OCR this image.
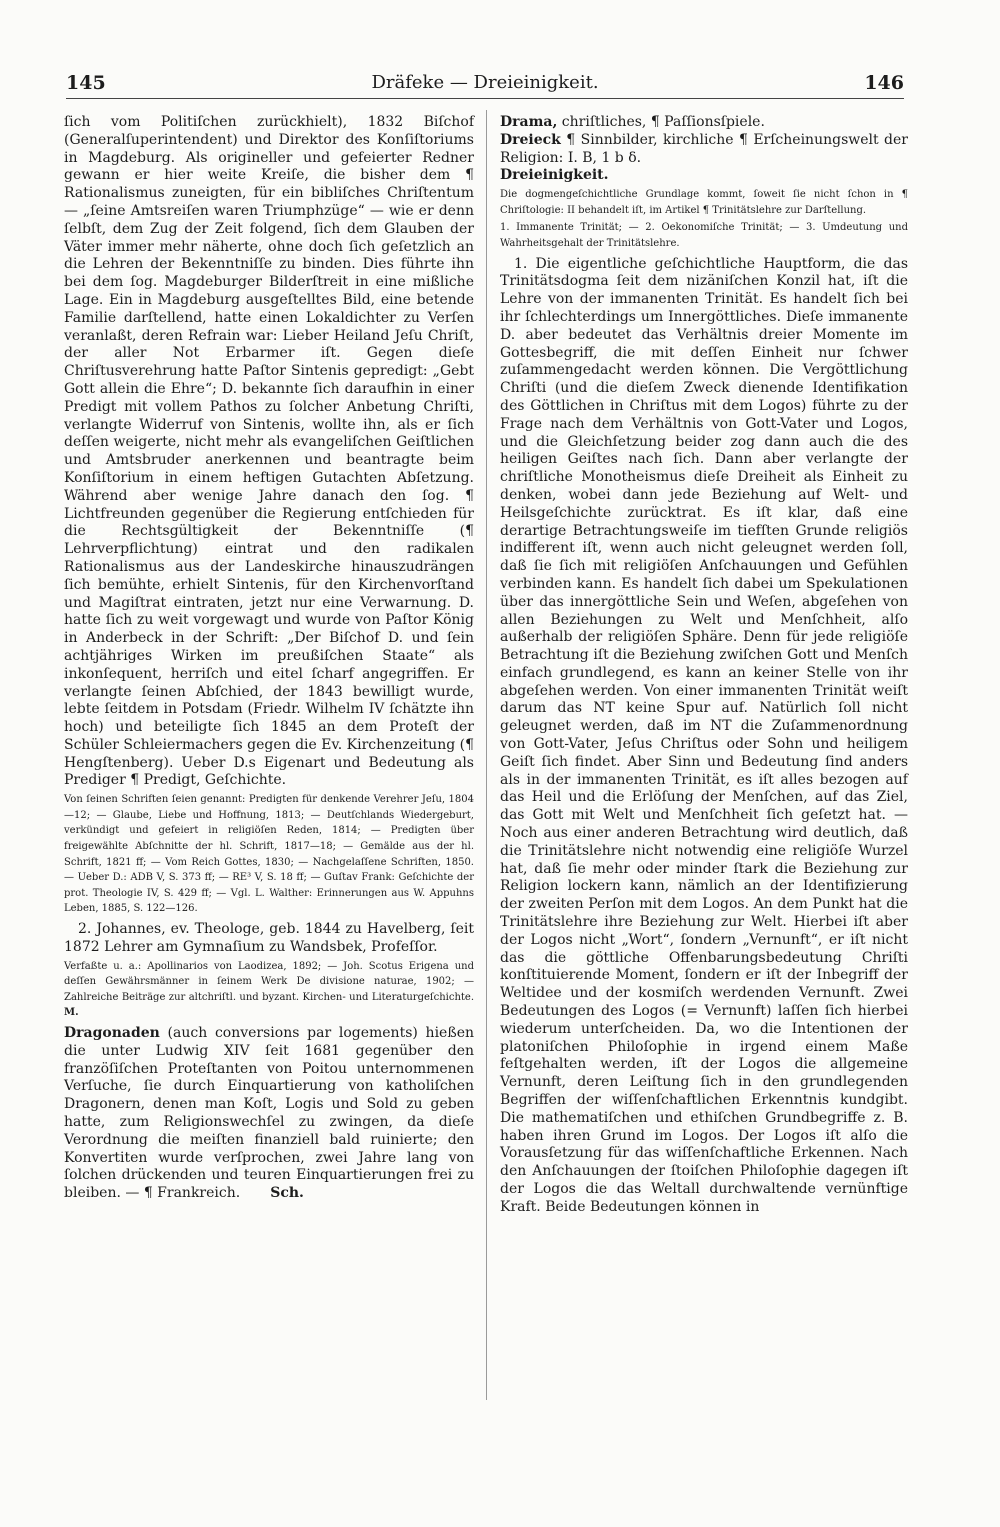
145	Dräfeke — Dreieinigkeit.	146

ſich vom Politiſchen zurückhielt), 1832 Biſchof (Generalſuperintendent) und Direktor des Konſiſtoriums in Magdeburg. Als origineller und gefeierter Redner gewann er hier weite Kreiſe, die bisher dem ¶ Rationalismus zuneigten, für ein bibliſches Chriſtentum — „ſeine Amtsreiſen waren Triumphzüge“ — wie er denn ſelbſt, dem Zug der Zeit folgend, ſich dem Glauben der Väter immer mehr näherte, ohne doch ſich geſetzlich an die Lehren der Bekenntniſſe zu binden. Dies führte ihn bei dem ſog. Magdeburger Bilderſtreit in eine mißliche Lage. Ein in Magdeburg ausgeſtelltes Bild, eine betende Familie darſtellend, hatte einen Lokaldichter zu Verſen veranlaßt, deren Refrain war: Lieber Heiland Jeſu Chriſt, der aller Not Erbarmer iſt. Gegen dieſe Chriſtusverehrung hatte Paſtor Sintenis gepredigt: „Gebt Gott allein die Ehre“; D. bekannte ſich daraufhin in einer Predigt mit vollem Pathos zu ſolcher Anbetung Chriſti, verlangte Widerruf von Sintenis, wollte ihn, als er ſich deſſen weigerte, nicht mehr als evangeliſchen Geiſtlichen und Amtsbruder anerkennen und beantragte beim Konſiſtorium in einem heftigen Gutachten Abſetzung. Während aber wenige Jahre danach den ſog. ¶ Lichtfreunden gegenüber die Regierung entſchieden für die Rechtsgültigkeit der Bekenntniſſe (¶ Lehrverpflichtung) eintrat und den radikalen Rationalismus aus der Landeskirche hinauszudrängen ſich bemühte, erhielt Sintenis, für den Kirchenvorſtand und Magiſtrat eintraten, jetzt nur eine Verwarnung. D. hatte ſich zu weit vorgewagt und wurde von Paſtor König in Anderbeck in der Schrift: „Der Biſchof D. und ſein achtjähriges Wirken im preußiſchen Staate“ als inkonſequent, herriſch und eitel ſcharf angegriffen. Er verlangte ſeinen Abſchied, der 1843 bewilligt wurde, lebte ſeitdem in Potsdam (Friedr. Wilhelm IV ſchätzte ihn hoch) und beteiligte ſich 1845 an dem Proteſt der Schüler Schleiermachers gegen die Ev. Kirchenzeitung (¶ Hengſtenberg). Ueber D.s Eigenart und Bedeutung als Prediger ¶ Predigt, Geſchichte.

Von ſeinen Schriften ſeien genannt: Predigten für denkende Verehrer Jeſu, 1804—12; — Glaube, Liebe und Hoffnung, 1813; — Deutſchlands Wiedergeburt, verkündigt und gefeiert in religiöſen Reden, 1814; — Predigten über freigewählte Abſchnitte der hl. Schrift, 1817—18; — Gemälde aus der hl. Schrift, 1821 ff; — Vom Reich Gottes, 1830; — Nachgelaſſene Schriften, 1850. — Ueber D.: ADB V, S. 373 ff; — RE³ V, S. 18 ff; — Guſtav Frank: Geſchichte der prot. Theologie IV, S. 429 ff; — Vgl. L. Walther: Erinnerungen aus W. Appuhns Leben, 1885, S. 122—126.

2. Johannes, ev. Theologe, geb. 1844 zu Havelberg, ſeit 1872 Lehrer am Gymnaſium zu Wandsbek, Profeſſor.

Verfaßte u. a.: Apollinarios von Laodizea, 1892; — Joh. Scotus Erigena und deſſen Gewährsmänner in ſeinem Werk De divisione naturae, 1902; — Zahlreiche Beiträge zur altchriſtl. und byzant. Kirchen- und Literaturgeſchichte. M.

Dragonaden (auch conversions par logements) hießen die unter Ludwig XIV ſeit 1681 gegenüber den franzöſiſchen Proteſtanten von Poitou unternommenen Verſuche, ſie durch Einquartierung von katholiſchen Dragonern, denen man Koſt, Logis und Sold zu geben hatte, zum Religionswechſel zu zwingen, da dieſe Verordnung die meiſten finanziell bald ruinierte; den Konvertiten wurde verſprochen, zwei Jahre lang von ſolchen drückenden und teuren Einquartierungen frei zu bleiben. — ¶ Frankreich. Sch.

Drama, chriſtliches, ¶ Paſſionsſpiele.

Dreieck ¶ Sinnbilder, kirchliche ¶ Erſcheinungswelt der Religion: I. B, 1 b δ.

Dreieinigkeit.

Die dogmengeſchichtliche Grundlage kommt, ſoweit ſie nicht ſchon in ¶ Chriſtologie: II behandelt iſt, im Artikel ¶ Trinitätslehre zur Darſtellung.

1. Immanente Trinität; — 2. Oekonomiſche Trinität; — 3. Umdeutung und Wahrheitsgehalt der Trinitätslehre.

1. Die eigentliche geſchichtliche Hauptform, die das Trinitätsdogma ſeit dem nizäniſchen Konzil hat, iſt die Lehre von der immanenten Trinität. Es handelt ſich bei ihr ſchlechterdings um Innergöttliches. Dieſe immanente D. aber bedeutet das Verhältnis dreier Momente im Gottesbegriff, die mit deſſen Einheit nur ſchwer zuſammengedacht werden können. Die Vergöttlichung Chriſti (und die dieſem Zweck dienende Identifikation des Göttlichen in Chriſtus mit dem Logos) führte zu der Frage nach dem Verhältnis von Gott-Vater und Logos, und die Gleichſetzung beider zog dann auch die des heiligen Geiſtes nach ſich. Dann aber verlangte der chriſtliche Monotheismus dieſe Dreiheit als Einheit zu denken, wobei dann jede Beziehung auf Welt- und Heilsgeſchichte zurücktrat. Es iſt klar, daß eine derartige Betrachtungsweiſe im tiefſten Grunde religiös indifferent iſt, wenn auch nicht geleugnet werden ſoll, daß ſie ſich mit religiöſen Anſchauungen und Gefühlen verbinden kann. Es handelt ſich dabei um Spekulationen über das innergöttliche Sein und Weſen, abgeſehen von allen Beziehungen zu Welt und Menſchheit, alſo außerhalb der religiöſen Sphäre. Denn für jede religiöſe Betrachtung iſt die Beziehung zwiſchen Gott und Menſch einfach grundlegend, es kann an keiner Stelle von ihr abgeſehen werden. Von einer immanenten Trinität weiſt darum das NT keine Spur auf. Natürlich ſoll nicht geleugnet werden, daß im NT die Zuſammenordnung von Gott-Vater, Jeſus Chriſtus oder Sohn und heiligem Geiſt ſich findet. Aber Sinn und Bedeutung ſind anders als in der immanenten Trinität, es iſt alles bezogen auf das Heil und die Erlöſung der Menſchen, auf das Ziel, das Gott mit Welt und Menſchheit ſich geſetzt hat. — Noch aus einer anderen Betrachtung wird deutlich, daß die Trinitätslehre nicht notwendig eine religiöſe Wurzel hat, daß ſie mehr oder minder ſtark die Beziehung zur Religion lockern kann, nämlich an der Identifizierung der zweiten Perſon mit dem Logos. An dem Punkt hat die Trinitätslehre ihre Beziehung zur Welt. Hierbei iſt aber der Logos nicht „Wort“, ſondern „Vernunft“, er iſt nicht das die göttliche Offenbarungsbedeutung Chriſti konſtituierende Moment, ſondern er iſt der Inbegriff der Weltidee und der kosmiſch werdenden Vernunft. Zwei Bedeutungen des Logos (= Vernunft) laſſen ſich hierbei wiederum unterſcheiden. Da, wo die Intentionen der platoniſchen Philoſophie in irgend einem Maße feſtgehalten werden, iſt der Logos die allgemeine Vernunft, deren Leiſtung ſich in den grundlegenden Begriffen der wiſſenſchaftlichen Erkenntnis kundgibt. Die mathematiſchen und ethiſchen Grundbegriffe z. B. haben ihren Grund im Logos. Der Logos iſt alſo die Vorausſetzung für das wiſſenſchaftliche Erkennen. Nach den Anſchauungen der ſtoiſchen Philoſophie dagegen iſt der Logos die das Weltall durchwaltende vernünftige Kraft. Beide Bedeutungen können in
